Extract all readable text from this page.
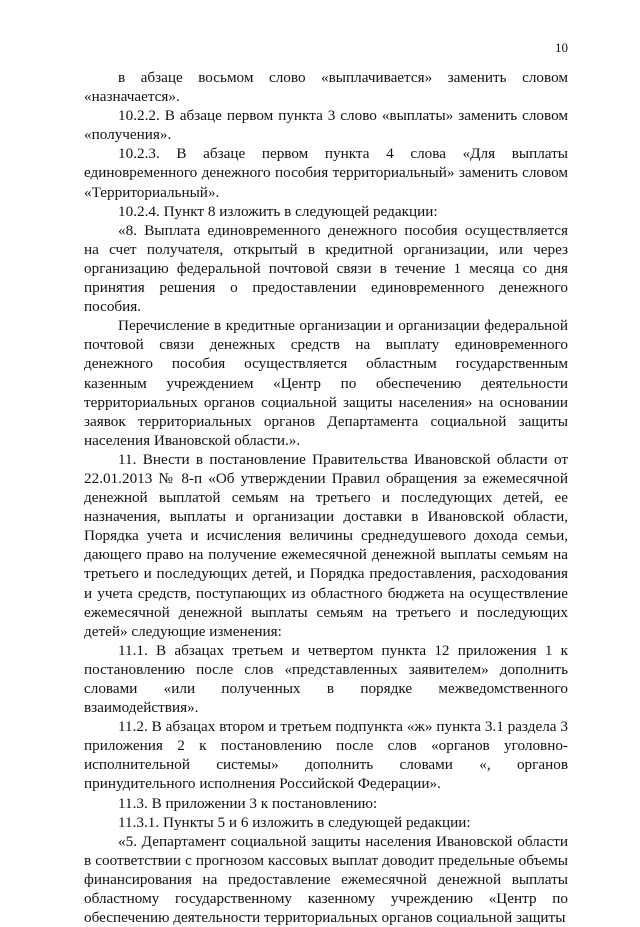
10

в абзаце восьмом слово «выплачивается» заменить словом «назначается».

10.2.2. В абзаце первом пункта 3 слово «выплаты» заменить словом «получения».

10.2.3. В абзаце первом пункта 4 слова «Для выплаты единовременного денежного пособия территориальный» заменить словом «Территориальный».

10.2.4. Пункт 8 изложить в следующей редакции:

«8. Выплата единовременного денежного пособия осуществляется на счет получателя, открытый в кредитной организации, или через организацию федеральной почтовой связи в течение 1 месяца со дня принятия решения о предоставлении единовременного денежного пособия.

Перечисление в кредитные организации и организации федеральной почтовой связи денежных средств на выплату единовременного денежного пособия осуществляется областным государственным казенным учреждением «Центр по обеспечению деятельности территориальных органов социальной защиты населения» на основании заявок территориальных органов Департамента социальной защиты населения Ивановской области.».

11. Внести в постановление Правительства Ивановской области от 22.01.2013 № 8-п «Об утверждении Правил обращения за ежемесячной денежной выплатой семьям на третьего и последующих детей, ее назначения, выплаты и организации доставки в Ивановской области, Порядка учета и исчисления величины среднедушевого дохода семьи, дающего право на получение ежемесячной денежной выплаты семьям на третьего и последующих детей, и Порядка предоставления, расходования и учета средств, поступающих из областного бюджета на осуществление ежемесячной денежной выплаты семьям на третьего и последующих детей» следующие изменения:

11.1. В абзацах третьем и четвертом пункта 12 приложения 1 к постановлению после слов «представленных заявителем» дополнить словами «или полученных в порядке межведомственного взаимодействия».

11.2. В абзацах втором и третьем подпункта «ж» пункта 3.1 раздела 3 приложения 2 к постановлению после слов «органов уголовно-исполнительной системы» дополнить словами «, органов принудительного исполнения Российской Федерации».

11.3. В приложении 3 к постановлению:

11.3.1. Пункты 5 и 6 изложить в следующей редакции:

«5. Департамент социальной защиты населения Ивановской области в соответствии с прогнозом кассовых выплат доводит предельные объемы финансирования на предоставление ежемесячной денежной выплаты областному государственному казенному учреждению «Центр по обеспечению деятельности территориальных органов социальной защиты
